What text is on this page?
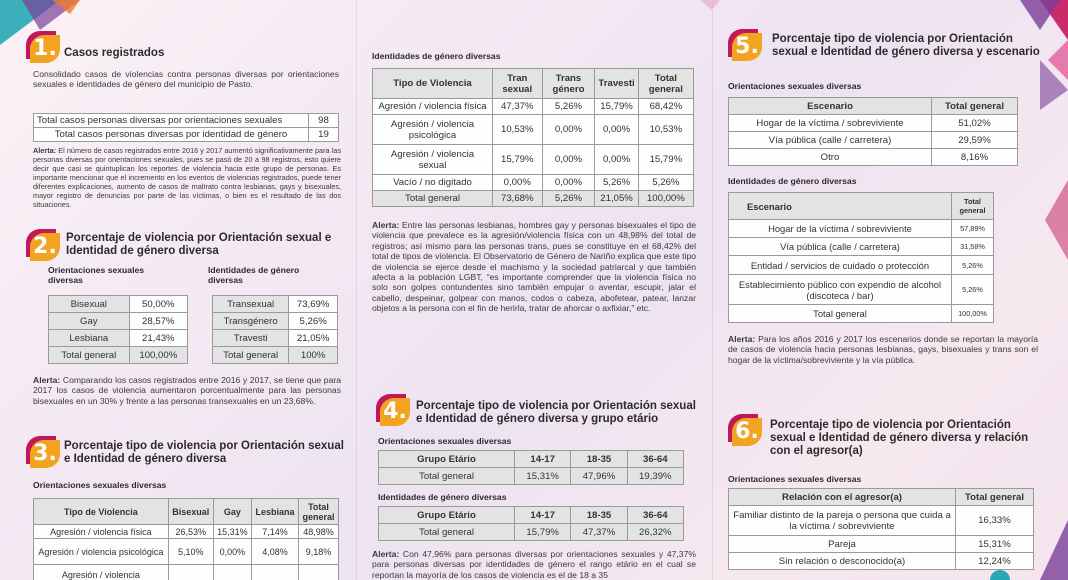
1. Casos registrados
Consolidado casos de violencias contra personas diversas por orientaciones sexuales e identidades de género del municipio de Pasto.
Total casos personas diversas por orientaciones sexuales	98
Total casos personas diversas por identidad de género	19
Alerta: El número de casos registrados entre 2016 y 2017 aumentó significativamente para las personas diversas por orientaciones sexuales, pues se pasó de 20 a 98 registros, esto quiere decir que casi se quintuplican los reportes de violencia hacia este grupo de personas. Es importante mencionar que el incremento en los eventos de violencias registrados, puede tener diferentes explicaciones, aumento de casos de maltrato contra lesbianas, gays y bisexuales, mayor registro de denuncias por parte de las víctimas, o bien es el resultado de las dos situaciones.
2. Porcentaje de violencia por Orientación sexual e Identidad de género diversa
Orientaciones sexuales diversas
Identidades de género diversas
Bisexual	50,00%
Gay	28,57%
Lesbiana	21,43%
Total general	100,00%
Transexual	73,69%
Transgénero	5,26%
Travesti	21,05%
Total general	100%
Alerta: Comparando los casos registrados entre 2016 y 2017, se tiene que para 2017 los casos de violencia aumentaron porcentualmente para las personas bisexuales en un 30% y frente a las personas transexuales en un 23,68%.
3. Porcentaje tipo de violencia por Orientación sexual e Identidad de género diversa
Orientaciones sexuales diversas
Tipo de Violencia	Bisexual	Gay	Lesbiana	Total general
Agresión / violencia física	26,53%	15,31%	7,14%	48,98%
Agresión / violencia psicológica	5,10%	0,00%	4,08%	9,18%
Agresión / violencia				
Identidades de género diversas
Tipo de Violencia	Tran sexual	Trans género	Travesti	Total general
Agresión / violencia física	47,37%	5,26%	15,79%	68,42%
Agresión / violencia psicológica	10,53%	0,00%	0,00%	10,53%
Agresión / violencia sexual	15,79%	0,00%	0,00%	15,79%
Vacío / no digitado	0,00%	0,00%	5,26%	5,26%
Total general	73,68%	5,26%	21,05%	100,00%
Alerta: Entre las personas lesbianas, hombres gay y personas bisexuales el tipo de violencia que prevalece es la agresión/violencia física con un 48,98% del total de registros; así mismo para las personas trans, pues se constituye en el 68,42% del total de tipos de violencia. El Observatorio de Género de Nariño explica que este tipo de violencia se ejerce desde el machismo y la sociedad patriarcal y que también afecta a la población LGBT, “es importante comprender que la violencia física no solo son golpes contundentes sino también empujar o aventar, escupir, jalar el cabello, despeinar, golpear con manos, codos o cabeza, abofetear, patear, lanzar objetos a la persona con el fin de herirla, tratar de ahorcar o axfixiar,” etc.
4. Porcentaje tipo de violencia por Orientación sexual e Identidad de género diversa y grupo etário
Orientaciones sexuales diversas
Grupo Etário	14-17	18-35	36-64
Total general	15,31%	47,96%	19,39%
Identidades de género diversas
Grupo Etário	14-17	18-35	36-64
Total general	15,79%	47,37%	26,32%
Alerta: Con 47,96% para personas diversas por orientaciones sexuales y 47,37% para personas diversas por identidades de género el rango etário en el cual se reportan la mayoría de los casos de violencia es el de 18 a 35
5. Porcentaje tipo de violencia por Orientación sexual e Identidad de género diversa y escenario
Orientaciones sexuales diversas
Escenario	Total general
Hogar de la víctima / sobreviviente	51,02%
Vía pública (calle / carretera)	29,59%
Otro	8,16%
Identidades de género diversas
Escenario	Total general
Hogar de la víctima / sobreviviente	57,89%
Vía pública (calle / carretera)	31,58%
Entidad / servicios de cuidado o protección	5,26%
Establecimiento público con expendio de alcohol (discoteca / bar)	5,26%
Total general	100,00%
Alerta: Para los años 2016 y 2017 los escenarios donde se reportan la mayoría de casos de violencia hacia personas lesbianas, gays, bisexuales y trans son el hogar de la víctima/sobreviviente y la vía pública.
6. Porcentaje tipo de violencia por Orientación sexual e Identidad de género diversa y relación con el agresor(a)
Orientaciones sexuales diversas
Relación con el agresor(a)	Total general
Familiar distinto de la pareja o persona que cuida a la víctima / sobreviviente	16,33%
Pareja	15,31%
Sin relación o desconocido(a)	12,24%
